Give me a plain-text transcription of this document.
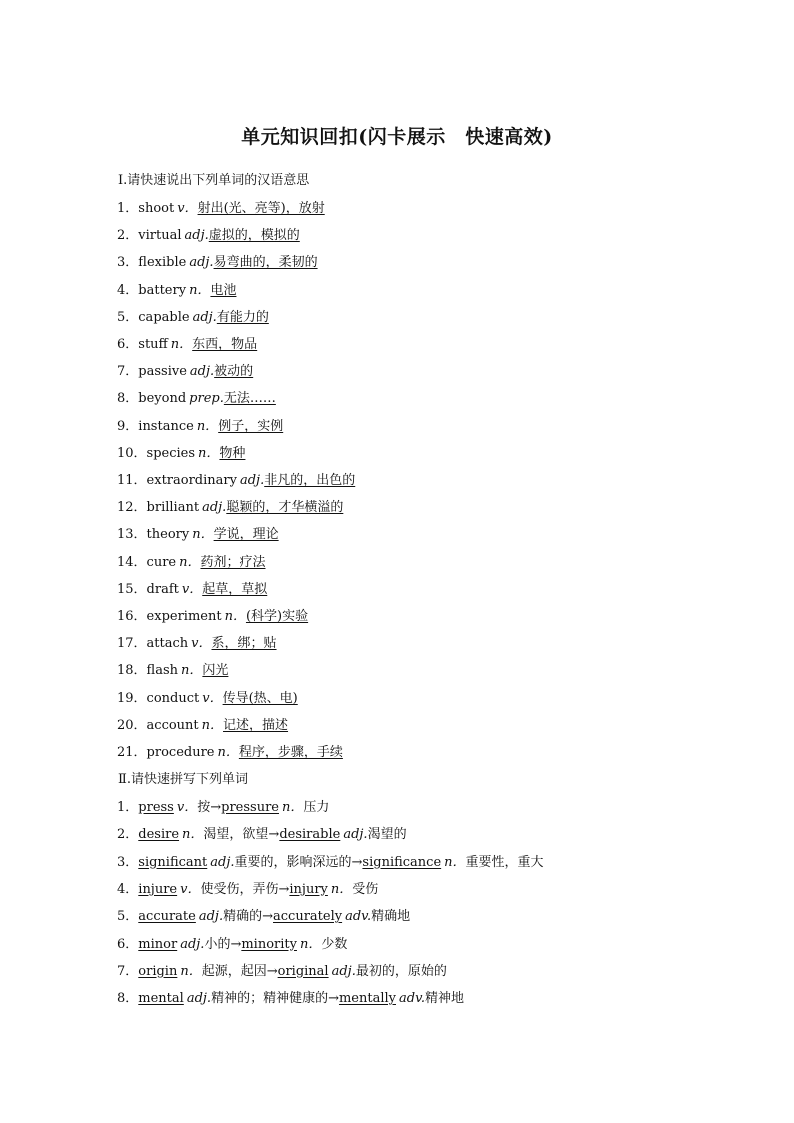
单元知识回扣(闪卡展示　快速高效)
Ⅰ.请快速说出下列单词的汉语意思
1．shoot v．射出(光、亮等)，放射
2．virtual adj.虚拟的，模拟的
3．flexible adj.易弯曲的，柔韧的
4．battery n．电池
5．capable adj.有能力的
6．stuff n．东西，物品
7．passive adj.被动的
8．beyond prep.无法……
9．instance n．例子，实例
10．species n．物种
11．extraordinary adj.非凡的，出色的
12．brilliant adj.聪颖的，才华横溢的
13．theory n．学说，理论
14．cure n．药剂；疗法
15．draft v．起草，草拟
16．experiment n．(科学)实验
17．attach v．系，绑；贴
18．flash n．闪光
19．conduct v．传导(热、电)
20．account n．记述，描述
21．procedure n．程序，步骤，手续
Ⅱ.请快速拼写下列单词
1．press v．按→pressure n．压力
2．desire n．渴望，欲望→desirable adj.渴望的
3．significant adj.重要的，影响深远的→significance n．重要性，重大
4．injure v．使受伤，弄伤→injury n．受伤
5．accurate adj.精确的→accurately adv.精确地
6．minor adj.小的→minority n．少数
7．origin n．起源，起因→original adj.最初的，原始的
8．mental adj.精神的；精神健康的→mentally adv.精神地
